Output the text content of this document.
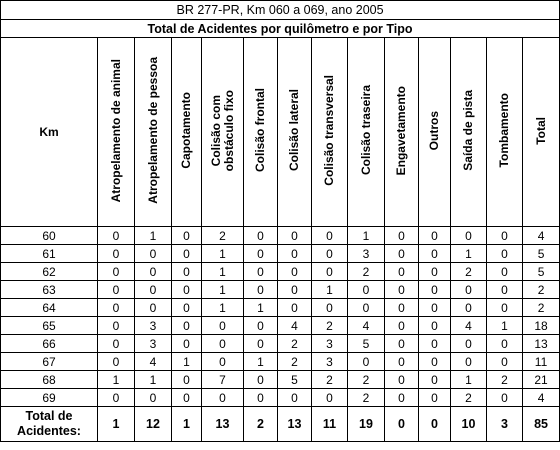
BR 277-PR, Km 060 a 069, ano 2005													
Total de Acidentes por quilômetro e por Tipo													
Km	Atropelamento de animal	Atropelamento de pessoa	Capotamento	Colisão com
obstáculo fixo	Colisão frontal	Colisão lateral	Colisão transversal	Colisão traseira	Engavetamento	Outros	Saída de pista	Tombamento	Total
60	0	1	0	2	0	0	0	1	0	0	0	0	4
61	0	0	0	1	0	0	0	3	0	0	1	0	5
62	0	0	0	1	0	0	0	2	0	0	2	0	5
63	0	0	0	1	0	0	1	0	0	0	0	0	2
64	0	0	0	1	1	0	0	0	0	0	0	0	2
65	0	3	0	0	0	4	2	4	0	0	4	1	18
66	0	3	0	0	0	2	3	5	0	0	0	0	13
67	0	4	1	0	1	2	3	0	0	0	0	0	11
68	1	1	0	7	0	5	2	2	0	0	1	2	21
69	0	0	0	0	0	0	0	2	0	0	2	0	4
Total de
Acidentes:	1	12	1	13	2	13	11	19	0	0	10	3	85
